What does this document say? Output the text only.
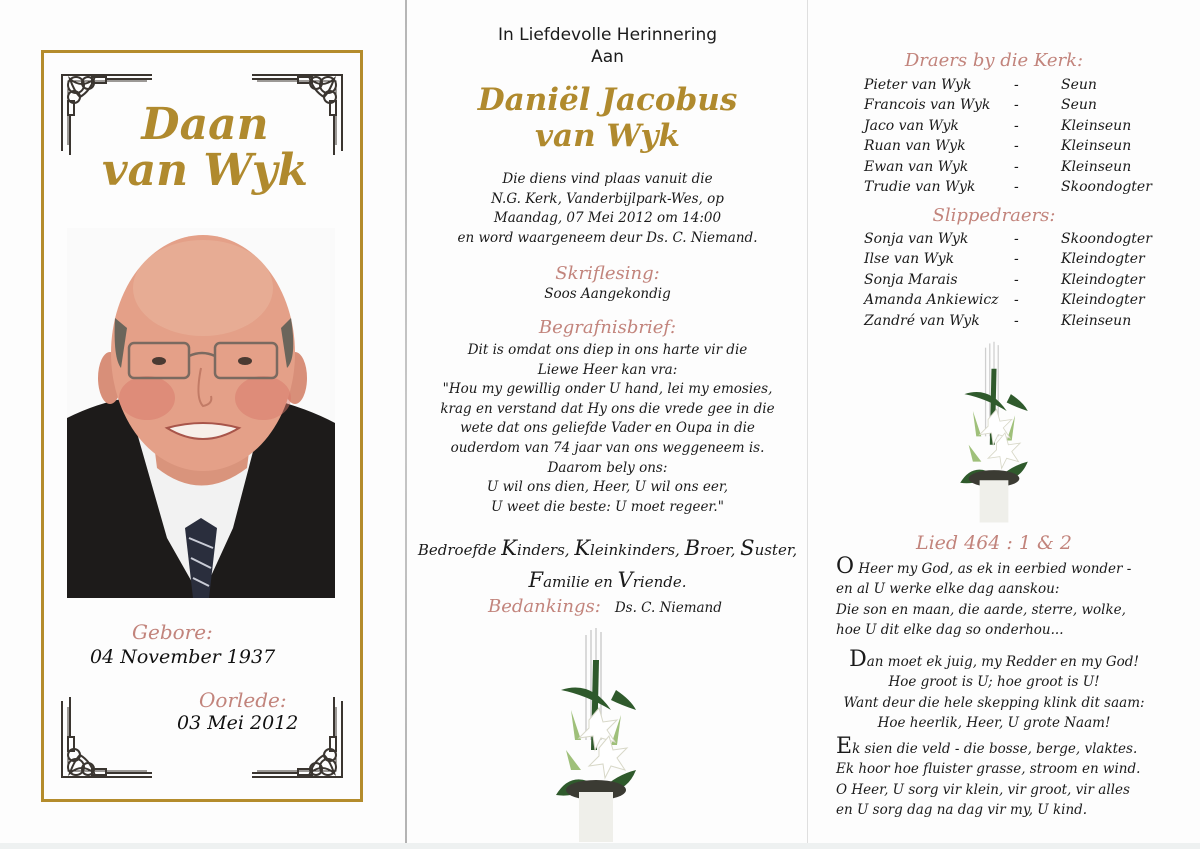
Daan
van Wyk
Gebore:
04 November 1937
Oorlede:
03 Mei 2012
In Liefdevolle Herinnering
Aan
Daniël Jacobus
van Wyk
Die diens vind plaas vanuit die
N.G. Kerk, Vanderbijlpark-Wes, op
Maandag, 07 Mei 2012 om 14:00
en word waargeneem deur Ds. C. Niemand.
Skriflesing:
Soos Aangekondig
Begrafnisbrief:
Dit is omdat ons diep in ons harte vir die
Liewe Heer kan vra:
"Hou my gewillig onder U hand, lei my emosies,
krag en verstand dat Hy ons die vrede gee in die
wete dat ons geliefde Vader en Oupa in die
ouderdom van 74 jaar van ons weggeneem is.
Daarom bely ons:
U wil ons dien, Heer, U wil ons eer,
U weet die beste: U moet regeer."
Bedroefde Kinders, Kleinkinders, Broer, Suster,
Familie en Vriende.
Bedankings: Ds. C. Niemand
Draers by die Kerk:
Pieter van Wyk	-	Seun
Francois van Wyk	-	Seun
Jaco van Wyk	-	Kleinseun
Ruan van Wyk	-	Kleinseun
Ewan van Wyk	-	Kleinseun
Trudie van Wyk	-	Skoondogter
Slippedraers:
Sonja van Wyk	-	Skoondogter
Ilse van Wyk	-	Kleindogter
Sonja Marais	-	Kleindogter
Amanda Ankiewicz	-	Kleindogter
Zandré van Wyk	-	Kleinseun
Lied 464 : 1 & 2
O Heer my God, as ek in eerbied wonder -
en al U werke elke dag aanskou:
Die son en maan, die aarde, sterre, wolke,
hoe U dit elke dag so onderhou...
Dan moet ek juig, my Redder en my God!
Hoe groot is U; hoe groot is U!
Want deur die hele skepping klink dit saam:
Hoe heerlik, Heer, U grote Naam!
Ek sien die veld - die bosse, berge, vlaktes.
Ek hoor hoe fluister grasse, stroom en wind.
O Heer, U sorg vir klein, vir groot, vir alles
en U sorg dag na dag vir my, U kind.
